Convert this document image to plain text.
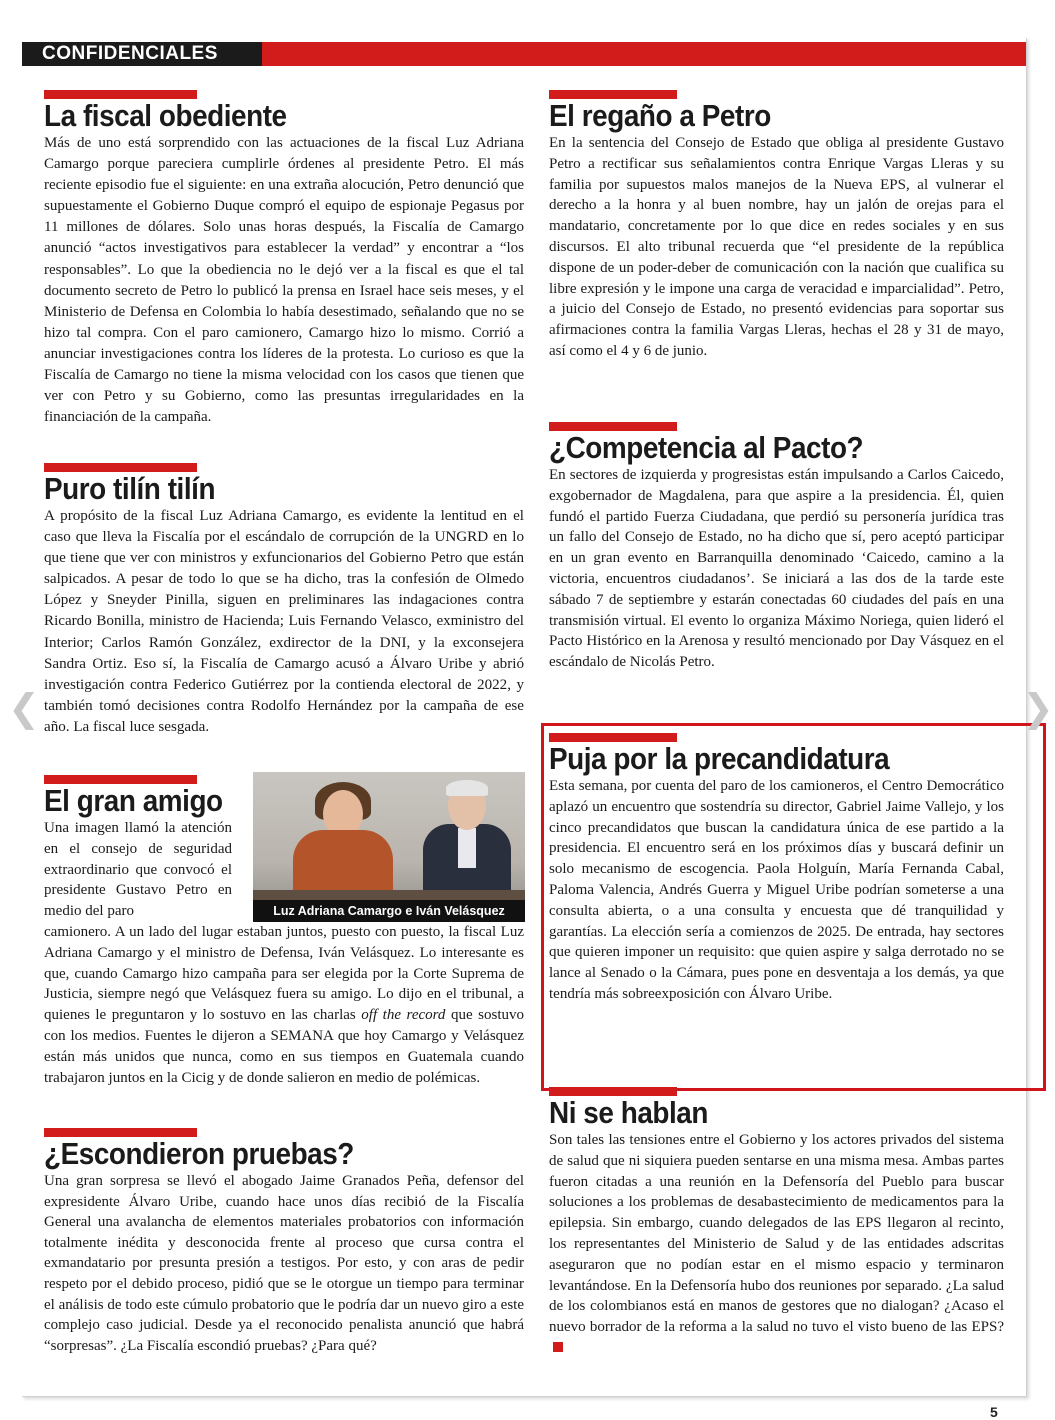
CONFIDENCIALES
La fiscal obediente

Más de uno está sorprendido con las actuaciones de la fiscal Luz Adriana Camargo porque pareciera cumplirle órdenes al presidente Petro. El más reciente episodio fue el siguiente: en una extraña alocución, Petro denunció que supuestamente el Gobierno Duque compró el equipo de espionaje Pegasus por 11 millones de dólares. Solo unas horas después, la Fiscalía de Camargo anunció “actos investigativos para establecer la verdad” y encontrar a “los responsables”. Lo que la obediencia no le dejó ver a la fiscal es que el tal documento secreto de Petro lo publicó la prensa en Israel hace seis meses, y el Ministerio de Defensa en Colombia lo había desestimado, señalando que no se hizo tal compra. Con el paro camionero, Camargo hizo lo mismo. Corrió a anunciar investigaciones contra los líderes de la protesta. Lo curioso es que la Fiscalía de Camargo no tiene la misma velocidad con los casos que tienen que ver con Petro y su Gobierno, como las presuntas irregularidades en la financiación de la campaña.

Puro tilín tilín

A propósito de la fiscal Luz Adriana Camargo, es evidente la lentitud en el caso que lleva la Fiscalía por el escándalo de corrupción de la UNGRD en lo que tiene que ver con ministros y exfuncionarios del Gobierno Petro que están salpicados. A pesar de todo lo que se ha dicho, tras la confesión de Olmedo López y Sneyder Pinilla, siguen en preliminares las indagaciones contra Ricardo Bonilla, ministro de Hacienda; Luis Fernando Velasco, exministro del Interior; Carlos Ramón González, exdirector de la DNI, y la exconsejera Sandra Ortiz. Eso sí, la Fiscalía de Camargo acusó a Álvaro Uribe y abrió investigación contra Federico Gutiérrez por la contienda electoral de 2022, y también tomó decisiones contra Rodolfo Hernández por la campaña de ese año. La fiscal luce sesgada.

El gran amigo

Una imagen llamó la atención en el consejo de seguridad extraordinario que convocó el presidente Gustavo Petro en medio del paro

camionero. A un lado del lugar estaban juntos, puesto con puesto, la fiscal Luz Adriana Camargo y el ministro de Defensa, Iván Velásquez. Lo interesante es que, cuando Camargo hizo campaña para ser elegida por la Corte Suprema de Justicia, siempre negó que Velásquez fuera su amigo. Lo dijo en el tribunal, a quienes le preguntaron y lo sostuvo en las charlas off the record que sostuvo con los medios. Fuentes le dijeron a SEMANA que hoy Camargo y Velásquez están más unidos que nunca, como en sus tiempos en Guatemala cuando trabajaron juntos en la Cicig y de donde salieron en medio de polémicas.

Luz Adriana Camargo e Iván Velásquez
¿Escondieron pruebas?

Una gran sorpresa se llevó el abogado Jaime Granados Peña, defensor del expresidente Álvaro Uribe, cuando hace unos días recibió de la Fiscalía General una avalancha de elementos materiales probatorios con información totalmente inédita y desconocida frente al proceso que cursa contra el exmandatario por presunta presión a testigos. Por esto, y con aras de pedir respeto por el debido proceso, pidió que se le otorgue un tiempo para terminar el análisis de todo este cúmulo probatorio que le podría dar un nuevo giro a este complejo caso judicial. Desde ya el reconocido penalista anunció que habrá “sorpresas”. ¿La Fiscalía escondió pruebas? ¿Para qué?

El regaño a Petro

En la sentencia del Consejo de Estado que obliga al presidente Gustavo Petro a rectificar sus señalamientos contra Enrique Vargas Lleras y su familia por supuestos malos manejos de la Nueva EPS, al vulnerar el derecho a la honra y al buen nombre, hay un jalón de orejas para el mandatario, concretamente por lo que dice en redes sociales y en sus discursos. El alto tribunal recuerda que “el presidente de la república dispone de un poder-deber de comunicación con la nación que cualifica su libre expresión y le impone una carga de veracidad e imparcialidad”. Petro, a juicio del Consejo de Estado, no presentó evidencias para soportar sus afirmaciones contra la familia Vargas Lleras, hechas el 28 y 31 de mayo, así como el 4 y 6 de junio.

¿Competencia al Pacto?

En sectores de izquierda y progresistas están impulsando a Carlos Caicedo, exgobernador de Magdalena, para que aspire a la presidencia. Él, quien fundó el partido Fuerza Ciudadana, que perdió su personería jurídica tras un fallo del Consejo de Estado, no ha dicho que sí, pero aceptó participar en un gran evento en Barranquilla denominado ‘Caicedo, camino a la victoria, encuentros ciudadanos’. Se iniciará a las dos de la tarde este sábado 7 de septiembre y estarán conectadas 60 ciudades del país en una transmisión virtual. El evento lo organiza Máximo Noriega, quien lideró el Pacto Histórico en la Arenosa y resultó mencionado por Day Vásquez en el escándalo de Nicolás Petro.

Puja por la precandidatura

Esta semana, por cuenta del paro de los camioneros, el Centro Democrático aplazó un encuentro que sostendría su director, Gabriel Jaime Vallejo, y los cinco precandidatos que buscan la candidatura única de ese partido a la presidencia. El encuentro será en los próximos días y buscará definir un solo mecanismo de escogencia. Paola Holguín, María Fernanda Cabal, Paloma Valencia, Andrés Guerra y Miguel Uribe podrían someterse a una consulta abierta, o a una consulta y encuesta que dé tranquilidad y garantías. La elección sería a comienzos de 2025. De entrada, hay sectores que quieren imponer un requisito: que quien aspire y salga derrotado no se lance al Senado o la Cámara, pues pone en desventaja a los demás, ya que tendría más sobreexposición con Álvaro Uribe.

Ni se hablan

Son tales las tensiones entre el Gobierno y los actores privados del sistema de salud que ni siquiera pueden sentarse en una misma mesa. Ambas partes fueron citadas a una reunión en la Defensoría del Pueblo para buscar soluciones a los problemas de desabastecimiento de medicamentos para la epilepsia. Sin embargo, cuando delegados de las EPS llegaron al recinto, los representantes del Ministerio de Salud y de las entidades adscritas aseguraron que no podían estar en el mismo espacio y terminaron levantándose. En la Defensoría hubo dos reuniones por separado. ¿La salud de los colombianos está en manos de gestores que no dialogan? ¿Acaso el nuevo borrador de la reforma a la salud no tuvo el visto bueno de las EPS?

❮	❯
5
